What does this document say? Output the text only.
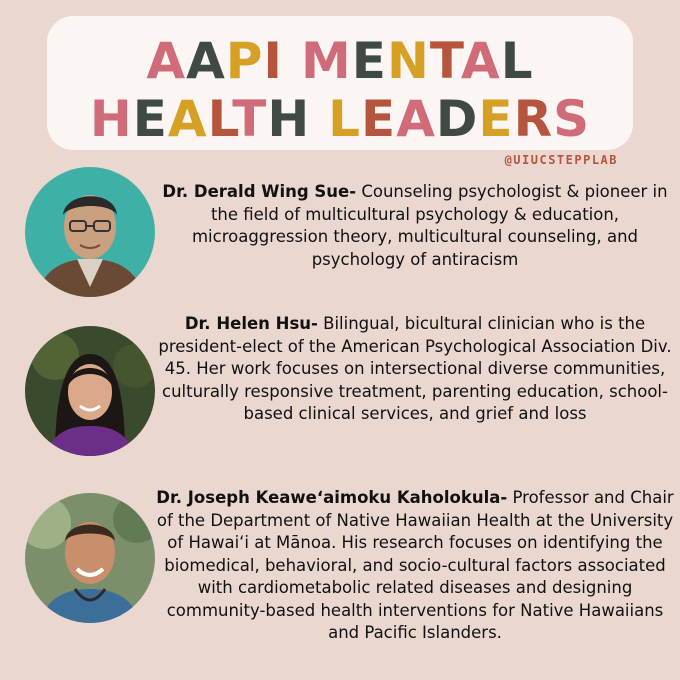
AAPI MENTAL
HEALTH LEADERS
@UIUCSTEPPLAB
Dr. Derald Wing Sue- Counseling psychologist & pioneer in the field of multicultural psychology & education, microaggression theory, multicultural counseling, and psychology of antiracism
Dr. Helen Hsu- Bilingual, bicultural clinician who is the president-elect of the American Psychological Association Div. 45. Her work focuses on intersectional diverse communities, culturally responsive treatment, parenting education, school-based clinical services, and grief and loss
Dr. Joseph Keaweʻaimoku Kaholokula- Professor and Chair of the Department of Native Hawaiian Health at the University of Hawaiʻi at Mānoa. His research focuses on identifying the biomedical, behavioral, and socio-cultural factors associated with cardiometabolic related diseases and designing community-based health interventions for Native Hawaiians and Pacific Islanders.
